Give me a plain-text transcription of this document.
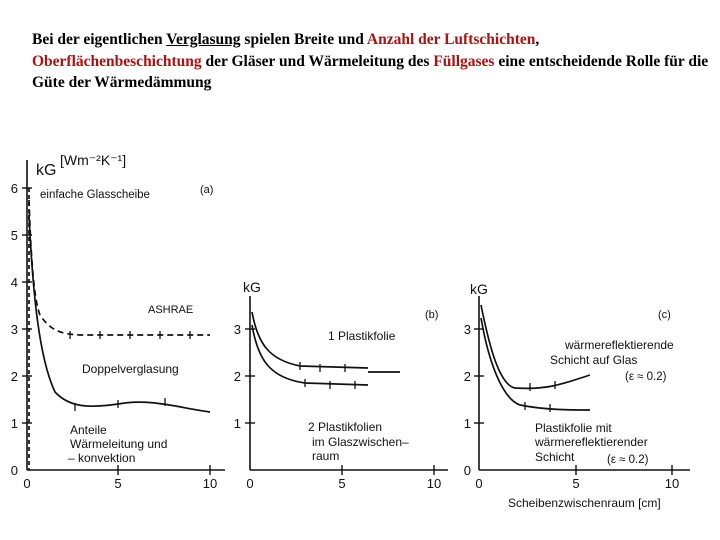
Bei der eigentlichen Verglasung spielen Breite und Anzahl der Luftschichten,
Oberflächenbeschichtung der Gläser und Wärmeleitung des Füllgases eine entscheidende Rolle für die Güte der Wärmedämmung

kG
[Wm⁻²K⁻¹]
(a)
einfache Glasscheibe
ASHRAE
Doppelverglasung
Anteile
Wärmeleitung und
– konvektion
0
1
2
3
4
5
6
0	5	10
kG
(b)
1 Plastikfolie
2 Plastikfolien
im Glaszwischen–
raum
1
2
3
0	5	10
kG
(c)
wärmereflektierende
Schicht auf Glas
(ε ≈ 0.2)
Plastikfolie mit
wärmereflektierender
Schicht	(ε ≈ 0.2)
0
1
2
3
0	5	10
Scheibenzwischenraum [cm]
